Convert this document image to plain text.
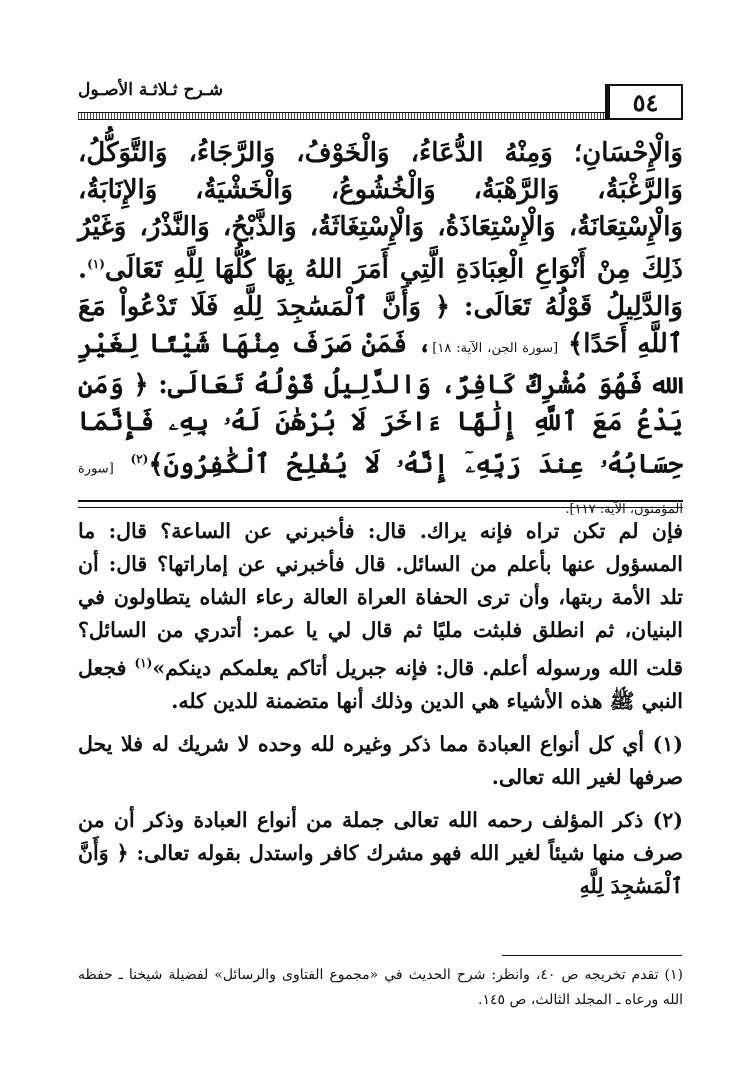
٥٤
شـرح ثـلاثـة الأصـول
وَالْإِحْسَانِ؛ وَمِنْهُ الدُّعَاءُ، وَالْخَوْفُ، وَالرَّجَاءُ، وَالتَّوَكُّلُ، وَالرَّغْبَةُ، وَالرَّهْبَةُ، وَالْخُشُوعُ، وَالْخَشْيَةُ، وَالإِنَابَةُ، وَالْإِسْتِعَانَةُ، وَالْإِسْتِعَاذَةُ، وَالْإِسْتِغَاثَةُ، وَالذَّبْحُ، وَالنَّذْرُ، وَغَيْرُ ذَلِكَ مِنْ أَنْوَاعِ الْعِبَادَةِ الَّتِي أَمَرَ اللهُ بِهَا كُلُّهَا لِلَّهِ تَعَالَى$^{(١)}$. وَالدَّلِيلُ قَوْلُهُ تَعَالَى: ﴿ وَأَنَّ ٱلْمَسَٰجِدَ لِلَّهِ فَلَا تَدْعُواْ مَعَ ٱللَّهِ أَحَدًا﴾ [سورة الجن، الآية: ١٨]، فَمَنْ صَرَفَ مِنْهَا شَيْئًا لِغَيْرِ الله فَهُوَ مُشْرِكٌ كَافِرٌ، وَالدَّلِيلُ قَوْلُهُ تَعَالَى: ﴿ وَمَن يَدْعُ مَعَ ٱللَّهِ إِلَٰهًا ءَاخَرَ لَا بُرْهَٰنَ لَهُۥ بِهِۦ فَإِنَّمَا حِسَابُهُۥ عِندَ رَبِّهِۦٓ إِنَّهُۥ لَا يُفْلِحُ ٱلْكَٰفِرُونَ﴾$^{(٢)}$ [سورة المؤمنون، الآية: ١١٧].

فإن لم تكن تراه فإنه يراك. قال: فأخبرني عن الساعة؟ قال: ما المسؤول عنها بأعلم من السائل. قال فأخبرني عن إماراتها؟ قال: أن تلد الأمة ربتها، وأن ترى الحفاة العراة العالة رعاء الشاه يتطاولون في البنيان، ثم انطلق فلبثت مليًا ثم قال لي يا عمر: أتدري من السائل؟ قلت الله ورسوله أعلم. قال: فإنه جبريل أتاكم يعلمكم دينكم»$^{(١)}$ فجعل النبي ﷺ هذه الأشياء هي الدين وذلك أنها متضمنة للدين كله.

(١) أي كل أنواع العبادة مما ذكر وغيره لله وحده لا شريك له فلا يحل صرفها لغير الله تعالى.

(٢) ذكر المؤلف رحمه الله تعالى جملة من أنواع العبادة وذكر أن من صرف منها شيئاً لغير الله فهو مشرك كافر واستدل بقوله تعالى: ﴿ وَأَنَّ ٱلْمَسَٰجِدَ لِلَّهِ

(١) تقدم تخريجه ص ٤٠، وانظر: شرح الحديث في «مجموع الفتاوى والرسائل» لفضيلة شيخنا ـ حفظه الله ورعاه ـ المجلد الثالث، ص ١٤٥.
